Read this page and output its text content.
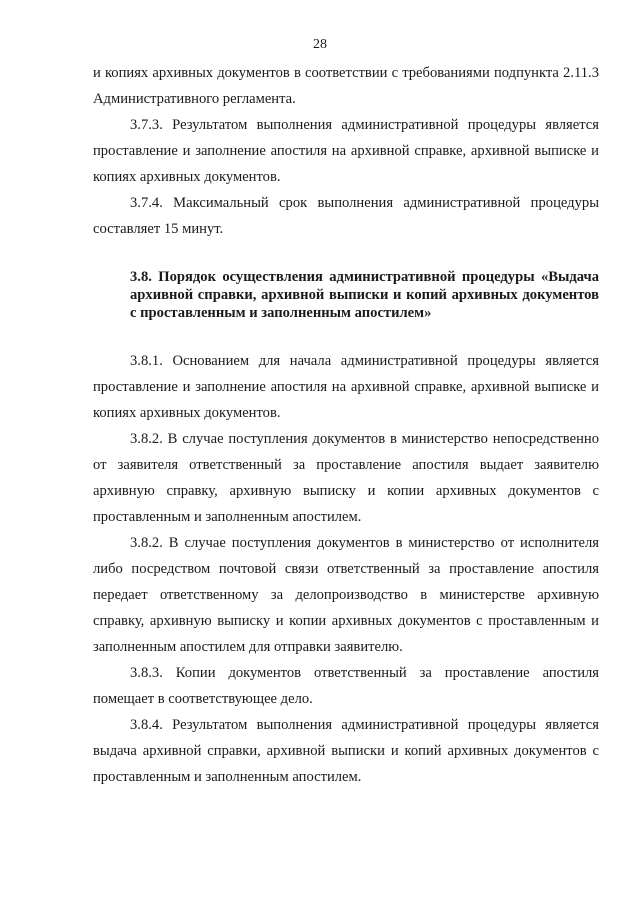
28

и копиях архивных документов в соответствии с требованиями подпункта 2.11.3 Административного регламента.

3.7.3. Результатом выполнения административной процедуры является проставление и заполнение апостиля на архивной справке, архивной выписке и копиях архивных документов.

3.7.4. Максимальный срок выполнения административной процедуры составляет 15 минут.

3.8. Порядок осуществления административной процедуры «Выдача архивной справки, архивной выписки и копий архивных документов с проставленным и заполненным апостилем»

3.8.1. Основанием для начала административной процедуры является проставление и заполнение апостиля на архивной справке, архивной выписке и копиях архивных документов.

3.8.2. В случае поступления документов в министерство непосредственно от заявителя ответственный за проставление апостиля выдает заявителю архивную справку, архивную выписку и копии архивных документов с проставленным и заполненным апостилем.

3.8.2. В случае поступления документов в министерство от исполнителя либо посредством почтовой связи ответственный за проставление апостиля передает ответственному за делопроизводство в министерстве архивную справку, архивную выписку и копии архивных документов с проставленным и заполненным апостилем для отправки заявителю.

3.8.3. Копии документов ответственный за проставление апостиля помещает в соответствующее дело.

3.8.4. Результатом выполнения административной процедуры является выдача архивной справки, архивной выписки и копий архивных документов с проставленным и заполненным апостилем.
